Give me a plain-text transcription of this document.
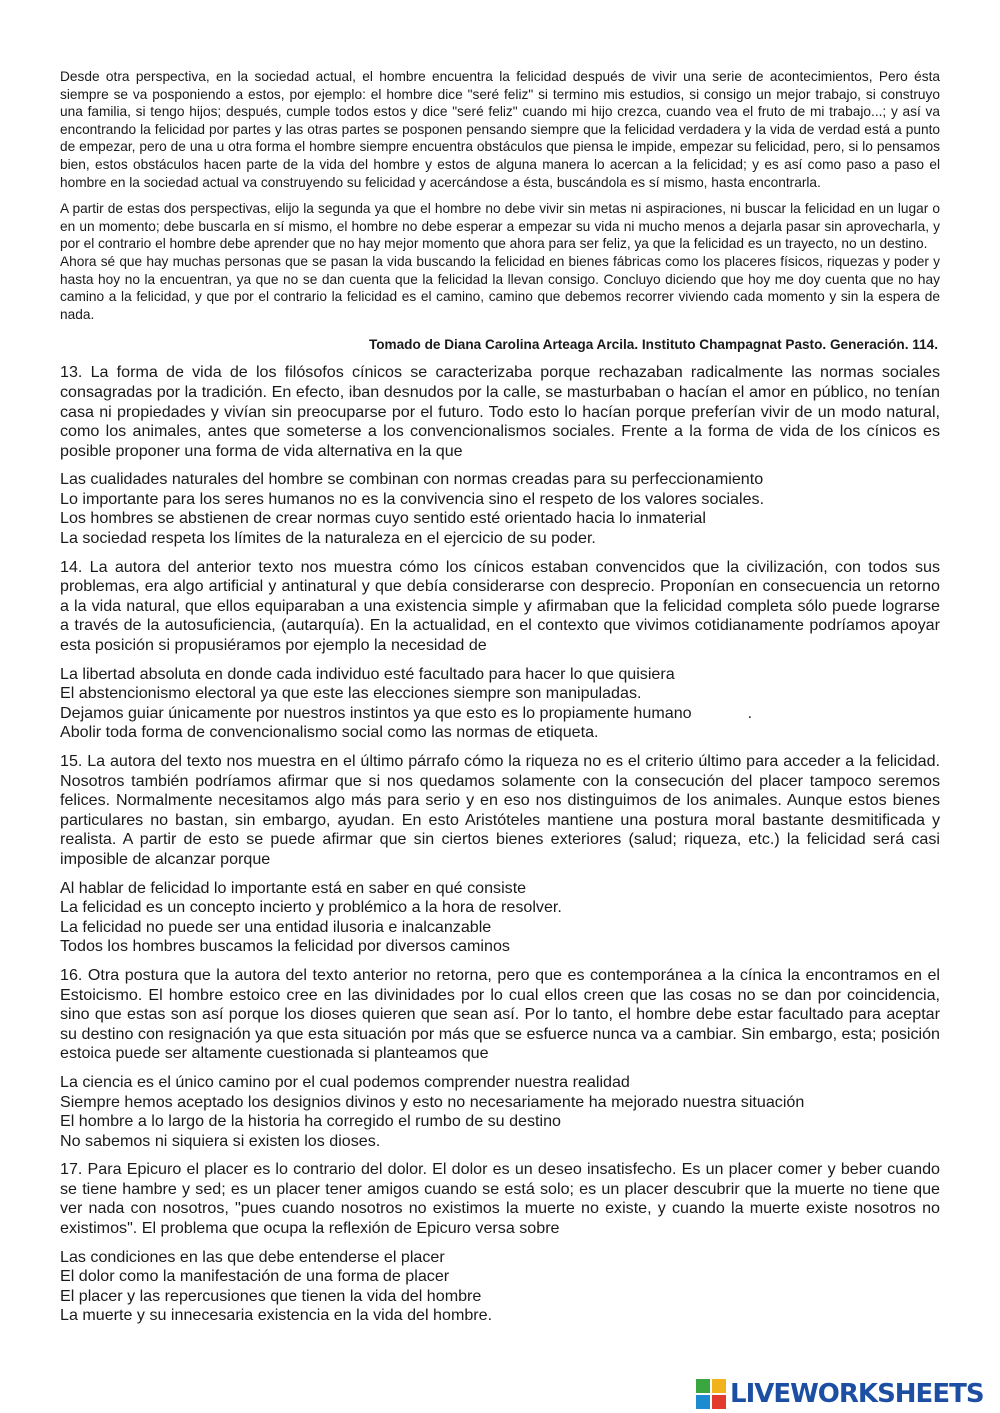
Desde otra perspectiva, en la sociedad actual, el hombre encuentra la felicidad después de vivir una serie de acontecimientos, Pero ésta siempre se va posponiendo a estos, por ejemplo: el hombre dice "seré feliz" si termino mis estudios, si consigo un mejor trabajo, si construyo una familia, si tengo hijos; después, cumple todos estos y dice "seré feliz" cuando mi hijo crezca, cuando vea el fruto de mi trabajo...; y así va encontrando la felicidad por partes y las otras partes se posponen pensando siempre que la felicidad verdadera y la vida de verdad está a punto de empezar, pero de una u otra forma el hombre siempre encuentra obstáculos que piensa le impide, empezar su felicidad, pero, si lo pensamos bien, estos obstáculos hacen parte de la vida del hombre y estos de alguna manera lo acercan a la felicidad; y es así como paso a paso el hombre en la sociedad actual va construyendo su felicidad y acercándose a ésta, buscándola es sí mismo, hasta encontrarla.

A partir de estas dos perspectivas, elijo la segunda ya que el hombre no debe vivir sin metas ni aspiraciones, ni buscar la felicidad en un lugar o en un momento; debe buscarla en sí mismo, el hombre no debe esperar a empezar su vida ni mucho menos a dejarla pasar sin aprovecharla, y por el contrario el hombre debe aprender que no hay mejor momento que ahora para ser feliz, ya que la felicidad es un trayecto, no un destino.

Ahora sé que hay muchas personas que se pasan la vida buscando la felicidad en bienes fábricas como los placeres físicos, riquezas y poder y hasta hoy no la encuentran, ya que no se dan cuenta que la felicidad la llevan consigo. Concluyo diciendo que hoy me doy cuenta que no hay camino a la felicidad, y que por el contrario la felicidad es el camino, camino que debemos recorrer viviendo cada momento y sin la espera de nada.

Tomado de Diana Carolina Arteaga Arcila. Instituto Champagnat Pasto. Generación. 114.

13. La forma de vida de los filósofos cínicos se caracterizaba porque rechazaban radicalmente las normas sociales consagradas por la tradición. En efecto, iban desnudos por la calle, se masturbaban o hacían el amor en público, no tenían casa ni propiedades y vivían sin preocuparse por el futuro. Todo esto lo hacían porque preferían vivir de un modo natural, como los animales, antes que someterse a los convencionalismos sociales. Frente a la forma de vida de los cínicos es posible proponer una forma de vida alternativa en la que

Las cualidades naturales del hombre se combinan con normas creadas para su perfeccionamiento
Lo importante para los seres humanos no es la convivencia sino el respeto de los valores sociales.
Los hombres se abstienen de crear normas cuyo sentido esté orientado hacia lo inmaterial
La sociedad respeta los límites de la naturaleza en el ejercicio de su poder.

14. La autora del anterior texto nos muestra cómo los cínicos estaban convencidos que la civilización, con todos sus problemas, era algo artificial y antinatural y que debía considerarse con desprecio. Proponían en consecuencia un retorno a la vida natural, que ellos equiparaban a una existencia simple y afirmaban que la felicidad completa sólo puede lograrse a través de la autosuficiencia, (autarquía). En la actualidad, en el contexto que vivimos cotidianamente podríamos apoyar esta posición si propusiéramos por ejemplo la necesidad de

La libertad absoluta en donde cada individuo esté facultado para hacer lo que quisiera
El abstencionismo electoral ya que este las elecciones siempre son manipuladas.
Dejamos guiar únicamente por nuestros instintos ya que esto es lo propiamente humano	.
Abolir toda forma de convencionalismo social como las normas de etiqueta.

15. La autora del texto nos muestra en el último párrafo cómo la riqueza no es el criterio último para acceder a la felicidad. Nosotros también podríamos afirmar que si nos quedamos solamente con la consecución del placer tampoco seremos felices. Normalmente necesitamos algo más para serio y en eso nos distinguimos de los animales. Aunque estos bienes particulares no bastan, sin embargo, ayudan. En esto Aristóteles mantiene una postura moral bastante desmitificada y realista. A partir de esto se puede afirmar que sin ciertos bienes exteriores (salud; riqueza, etc.) la felicidad será casi imposible de alcanzar porque

Al hablar de felicidad lo importante está en saber en qué consiste
La felicidad es un concepto incierto y problémico a la hora de resolver.
La felicidad no puede ser una entidad ilusoria e inalcanzable
Todos los hombres buscamos la felicidad por diversos caminos

16. Otra postura que la autora del texto anterior no retorna, pero que es contemporánea a la cínica la encontramos en el Estoicismo. El hombre estoico cree en las divinidades por lo cual ellos creen que las cosas no se dan por coincidencia, sino que estas son así porque los dioses quieren que sean así. Por lo tanto, el hombre debe estar facultado para aceptar su destino con resignación ya que esta situación por más que se esfuerce nunca va a cambiar. Sin embargo, esta; posición estoica puede ser altamente cuestionada si planteamos que

La ciencia es el único camino por el cual podemos comprender nuestra realidad
Siempre hemos aceptado los designios divinos y esto no necesariamente ha mejorado nuestra situación
El hombre a lo largo de la historia ha corregido el rumbo de su destino
No sabemos ni siquiera si existen los dioses.

17. Para Epicuro el placer es lo contrario del dolor. El dolor es un deseo insatisfecho. Es un placer comer y beber cuando se tiene hambre y sed; es un placer tener amigos cuando se está solo; es un placer descubrir que la muerte no tiene que ver nada con nosotros, "pues cuando nosotros no existimos la muerte no existe, y cuando la muerte existe nosotros no existimos". El problema que ocupa la reflexión de Epicuro versa sobre

Las condiciones en las que debe entenderse el placer
El dolor como la manifestación de una forma de placer
El placer y las repercusiones que tienen la vida del hombre
La muerte y su innecesaria existencia en la vida del hombre.
LIVEWORKSHEETS
